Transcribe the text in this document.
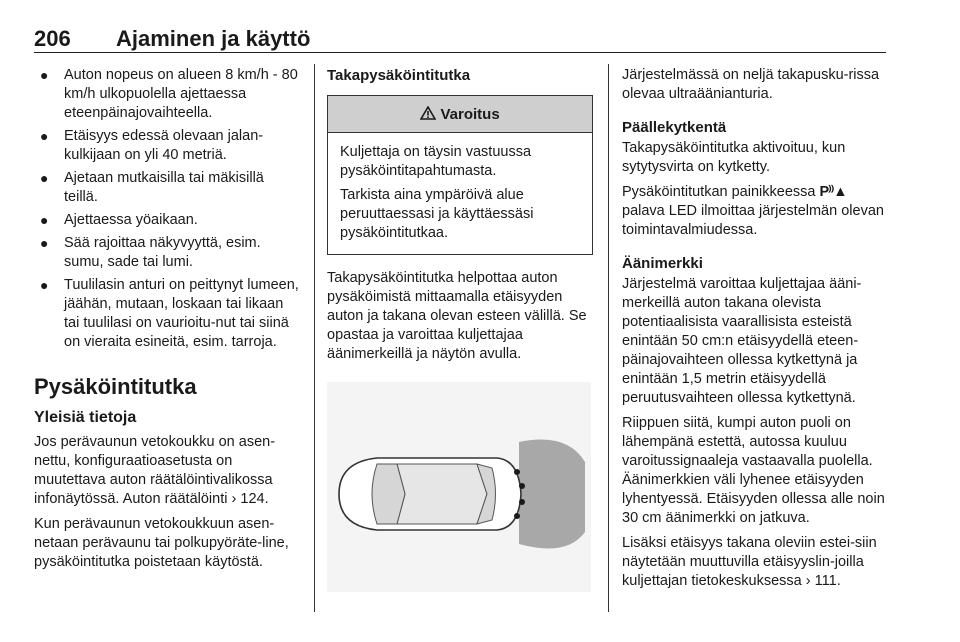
206 Ajaminen ja käyttö
● Auton nopeus on alueen 8 km/h - 80 km/h ulkopuolella ajettaessa eteenpäinajovaihteella.
● Etäisyys edessä olevaan jalan-kulkijaan on yli 40 metriä.
● Ajetaan mutkaisilla tai mäkisillä teillä.
● Ajettaessa yöaikaan.
● Sää rajoittaa näkyvyyttä, esim. sumu, sade tai lumi.
● Tuulilasin anturi on peittynyt lumeen, jäähän, mutaan, loskaan tai likaan tai tuulilasi on vaurioitu-nut tai siinä on vieraita esineitä, esim. tarroja.
Pysäköintitutka
Yleisiä tietoja

Jos perävaunun vetokoukku on asen-nettu, konfiguraatioasetusta on muutettava auton räätälöintivalikossa infonäytössä. Auton räätälöinti › 124.

Kun perävaunun vetokoukkuun asen-netaan perävaunu tai polkupyöräte-line, pysäköintitutka poistetaan käytöstä.

Takapysäköintitutka
Varoitus

Kuljettaja on täysin vastuussa pysäköintitapahtumasta.

Tarkista aina ympäröivä alue peruuttaessasi ja käyttäessäsi pysäköintitutkaa.

Takapysäköintitutka helpottaa auton pysäköimistä mittaamalla etäisyyden auton ja takana olevan esteen välillä. Se opastaa ja varoittaa kuljettajaa äänimerkeillä ja näytön avulla.

Järjestelmässä on neljä takapusku-rissa olevaa ultraäänianturia.

Päällekytkentä

Takapysäköintitutka aktivoituu, kun sytytysvirta on kytketty.

Pysäköintitutkan painikkeessa P⁾⁾▲ palava LED ilmoittaa järjestelmän olevan toimintavalmiudessa.

Äänimerkki

Järjestelmä varoittaa kuljettajaa ääni-merkeillä auton takana olevista potentiaalisista vaarallisista esteistä enintään 50 cm:n etäisyydellä eteen-päinajovaihteen ollessa kytkettynä ja enintään 1,5 metrin etäisyydellä peruutusvaihteen ollessa kytkettynä.

Riippuen siitä, kumpi auton puoli on lähempänä estettä, autossa kuuluu varoitussignaaleja vastaavalla puolella. Äänimerkkien väli lyhenee etäisyyden lyhentyessä. Etäisyyden ollessa alle noin 30 cm äänimerkki on jatkuva.

Lisäksi etäisyys takana oleviin estei-siin näytetään muuttuvilla etäisyyslin-joilla kuljettajan tietokeskuksessa › 111.
